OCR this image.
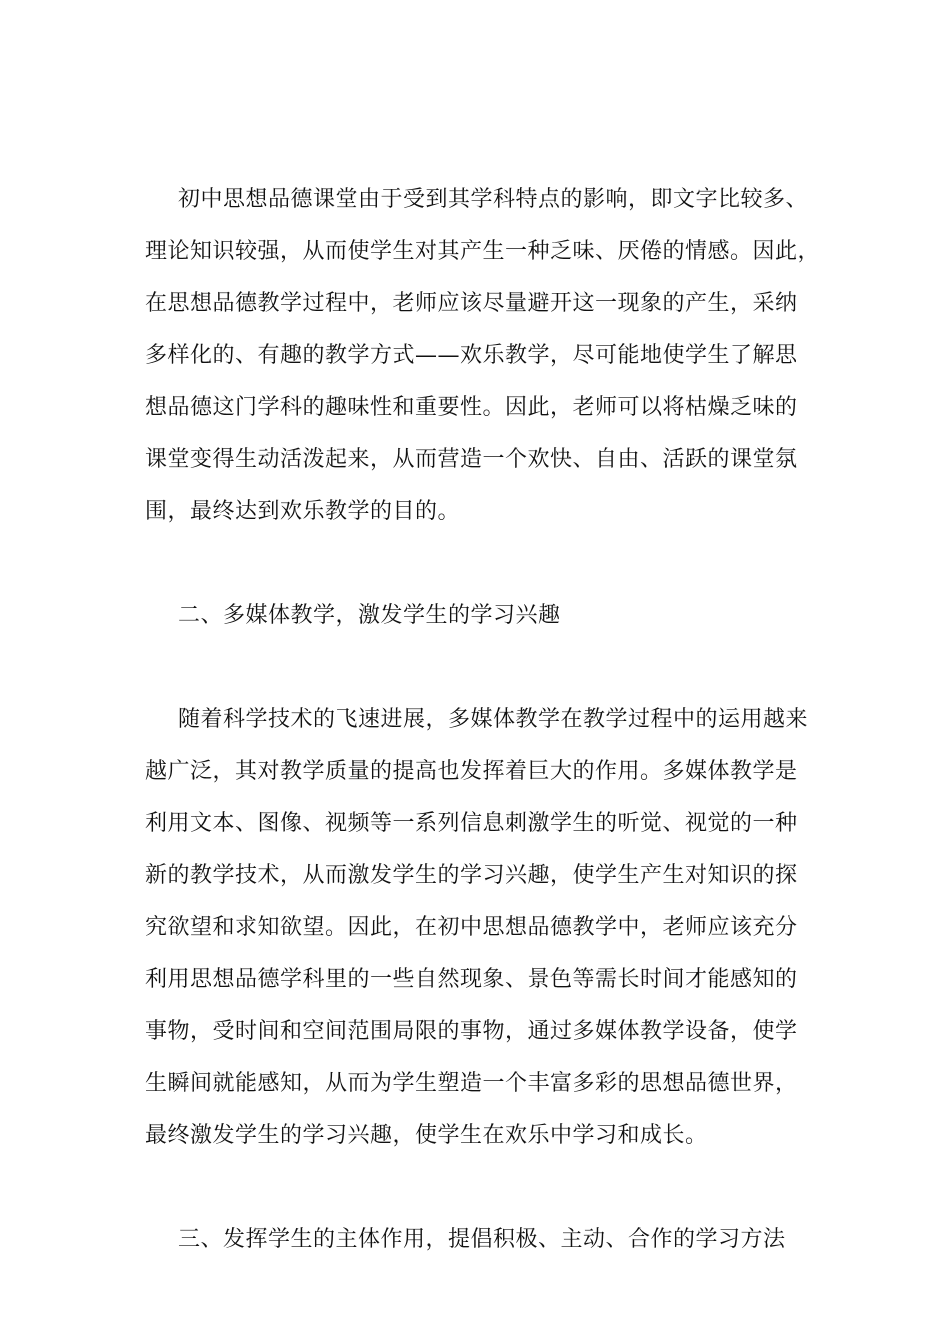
初中思想品德课堂由于受到其学科特点的影响，即文字比较多、
理论知识较强，从而使学生对其产生一种乏味、厌倦的情感。因此，
在思想品德教学过程中，老师应该尽量避开这一现象的产生，采纳
多样化的、有趣的教学方式——欢乐教学，尽可能地使学生了解思
想品德这门学科的趣味性和重要性。因此，老师可以将枯燥乏味的
课堂变得生动活泼起来，从而营造一个欢快、自由、活跃的课堂氛
围，最终达到欢乐教学的目的。
二、多媒体教学，激发学生的学习兴趣
随着科学技术的飞速进展，多媒体教学在教学过程中的运用越来
越广泛，其对教学质量的提高也发挥着巨大的作用。多媒体教学是
利用文本、图像、视频等一系列信息刺激学生的听觉、视觉的一种
新的教学技术，从而激发学生的学习兴趣，使学生产生对知识的探
究欲望和求知欲望。因此，在初中思想品德教学中，老师应该充分
利用思想品德学科里的一些自然现象、景色等需长时间才能感知的
事物，受时间和空间范围局限的事物，通过多媒体教学设备，使学
生瞬间就能感知，从而为学生塑造一个丰富多彩的思想品德世界，
最终激发学生的学习兴趣，使学生在欢乐中学习和成长。
三、发挥学生的主体作用，提倡积极、主动、合作的学习方法
